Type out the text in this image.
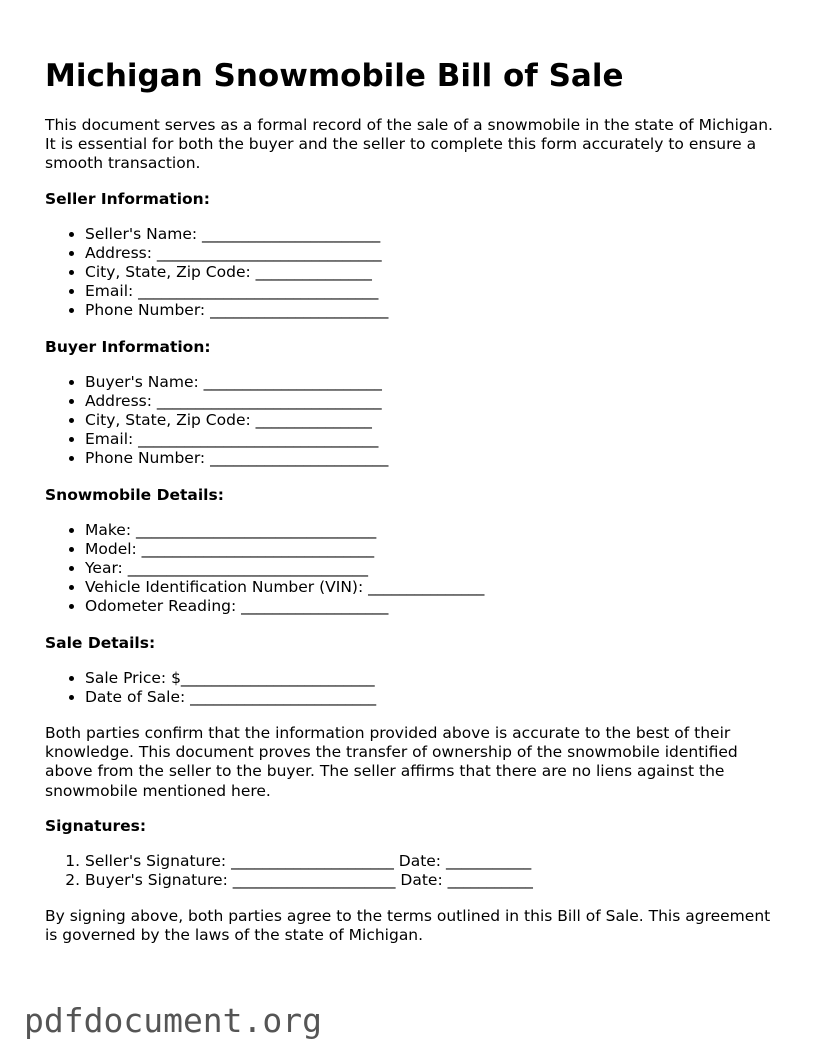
Michigan Snowmobile Bill of Sale

This document serves as a formal record of the sale of a snowmobile in the state of Michigan. It is essential for both the buyer and the seller to complete this form accurately to ensure a smooth transaction.

Seller Information:
• Seller's Name: _______________________
• Address: _____________________________
• City, State, Zip Code: _______________
• Email: _______________________________
• Phone Number: _______________________
Buyer Information:
• Buyer's Name: _______________________
• Address: _____________________________
• City, State, Zip Code: _______________
• Email: _______________________________
• Phone Number: _______________________
Snowmobile Details:
• Make: _______________________________
• Model: ______________________________
• Year: _______________________________
• Vehicle Identification Number (VIN): _______________
• Odometer Reading: ___________________
Sale Details:
• Sale Price: $_________________________
• Date of Sale: ________________________

Both parties confirm that the information provided above is accurate to the best of their knowledge. This document proves the transfer of ownership of the snowmobile identified above from the seller to the buyer. The seller affirms that there are no liens against the snowmobile mentioned here.

Signatures:
1. Seller's Signature: _____________________ Date: ___________
2. Buyer's Signature: _____________________ Date: ___________

By signing above, both parties agree to the terms outlined in this Bill of Sale. This agreement is governed by the laws of the state of Michigan.

pdfdocument.org
